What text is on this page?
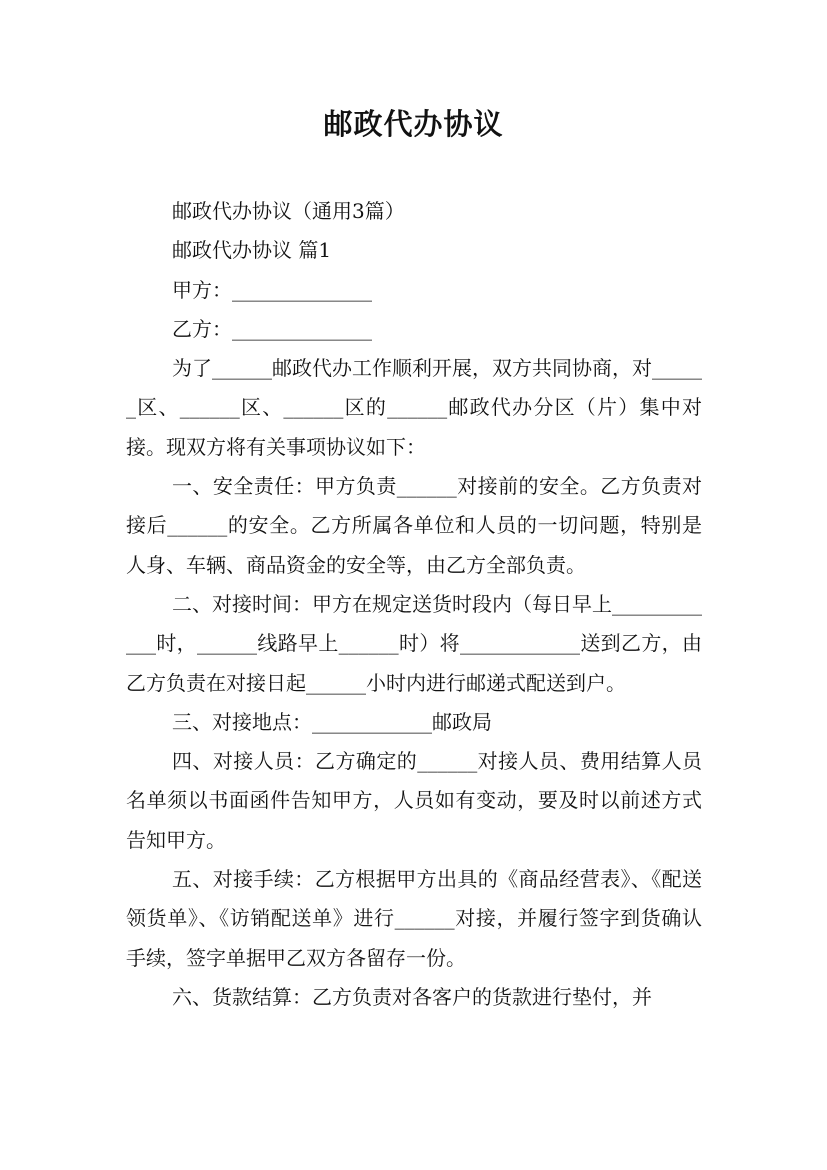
邮政代办协议

邮政代办协议（通用3篇）

邮政代办协议 篇1

甲方：______________

乙方：______________

为了______邮政代办工作顺利开展，双方共同协商，对______区、______区、______区的______邮政代办分区（片）集中对接。现双方将有关事项协议如下：

一、安全责任：甲方负责______对接前的安全。乙方负责对接后______的安全。乙方所属各单位和人员的一切问题，特别是人身、车辆、商品资金的安全等，由乙方全部负责。

二、对接时间：甲方在规定送货时段内（每日早上____________时，______线路早上______时）将____________送到乙方，由乙方负责在对接日起______小时内进行邮递式配送到户。

三、对接地点：____________邮政局

四、对接人员：乙方确定的______对接人员、费用结算人员名单须以书面函件告知甲方，人员如有变动，要及时以前述方式告知甲方。

五、对接手续：乙方根据甲方出具的《商品经营表》、《配送领货单》、《访销配送单》进行______对接，并履行签字到货确认手续，签字单据甲乙双方各留存一份。

六、货款结算：乙方负责对各客户的货款进行垫付，并
